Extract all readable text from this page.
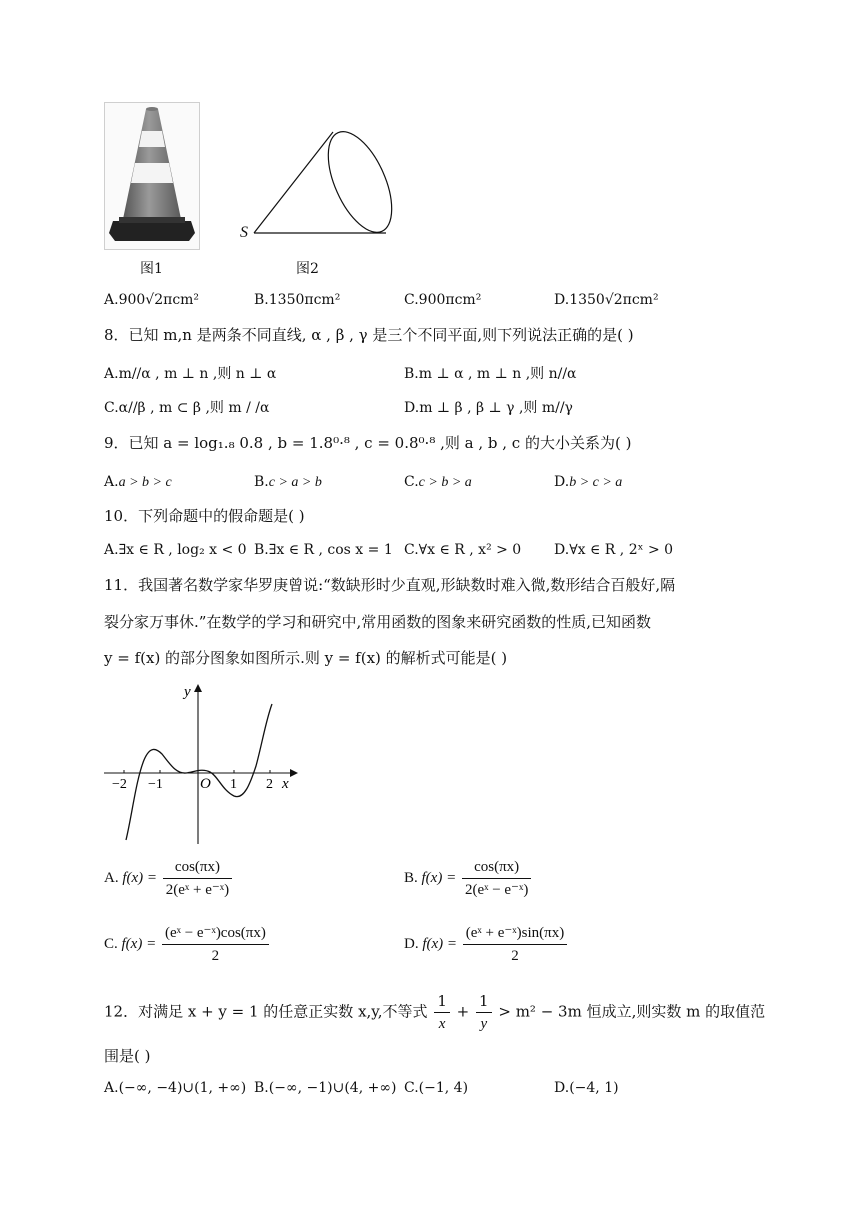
图1
S
图2
A.900√2πcm²	B.1350πcm²	C.900πcm²	D.1350√2πcm²
8．已知 m,n 是两条不同直线, α , β , γ 是三个不同平面,则下列说法正确的是( )
A.m//α , m ⊥ n ,则 n ⊥ α	B.m ⊥ α , m ⊥ n ,则 n//α
C.α//β , m ⊂ β ,则 m / /α	D.m ⊥ β , β ⊥ γ ,则 m//γ
9．已知 a = log₁.₈ 0.8 , b = 1.8⁰·⁸ , c = 0.8⁰·⁸ ,则 a , b , c 的大小关系为( )
A.a > b > c	B.c > a > b	C.c > b > a	D.b > c > a
10．下列命题中的假命题是( )
A.∃x ∈ R , log₂ x < 0 B.∃x ∈ R , cos x = 1 C.∀x ∈ R , x² > 0 D.∀x ∈ R , 2ˣ > 0
11．我国著名数学家华罗庚曾说:“数缺形时少直观,形缺数时难入微,数形结合百般好,隔
裂分家万事休.”在数学的学习和研究中,常用函数的图象来研究函数的性质,已知函数
y = f(x) 的部分图象如图所示.则 y = f(x) 的解析式可能是( )
y
x
O
−2 −1	1 2
A. $f(x) = \frac{\cos(\pi x)}{\text{2(eˣ + e⁻ˣ)}}$	B. $f(x) = \frac{\cos(\pi x)}{\text{2(eˣ − e⁻ˣ)}}$
C. $f(x) = \frac{\text{(eˣ − e⁻ˣ)cos(πx)}}{2}$	D. $f(x) = \frac{\text{(eˣ + e⁻ˣ)sin(πx)}}{2}$
12．对满足 x + y = 1 的任意正实数 x,y,不等式 $\frac{1}{x} + \frac{1}{y} > m^2 - 3m$ 恒成立,则实数 m 的取值范
围是( )
A.(−∞, −4)∪(1, +∞) B.(−∞, −1)∪(4, +∞) C.(−1, 4)	D.(−4, 1)
